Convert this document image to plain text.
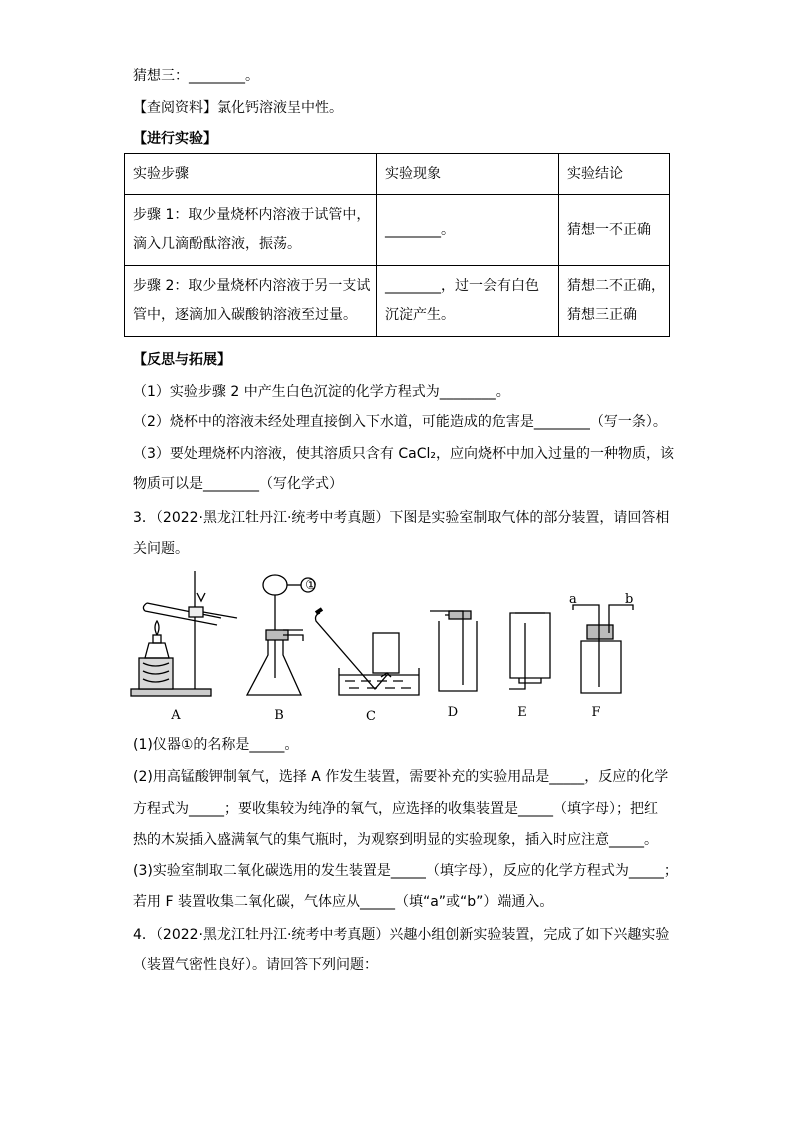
猜想三：________。
【查阅资料】氯化钙溶液呈中性。
【进行实验】
实验步骤	实验现象	实验结论

步骤 1：取少量烧杯内溶液于试管中，
滴入几滴酚酞溶液，振荡。	________。	猜想一不正确

步骤 2：取少量烧杯内溶液于另一支试
管中，逐滴加入碳酸钠溶液至过量。	________，过一会有白色
沉淀产生。	猜想二不正确，
猜想三正确
【反思与拓展】
（1）实验步骤 2 中产生白色沉淀的化学方程式为________。
（2）烧杯中的溶液未经处理直接倒入下水道，可能造成的危害是________（写一条）。
（3）要处理烧杯内溶液，使其溶质只含有 CaCl₂，应向烧杯中加入过量的一种物质，该
物质可以是________（写化学式）
3．（2022·黑龙江牡丹江·统考中考真题）下图是实验室制取气体的部分装置，请回答相
关问题。
①
a	b
A	B	C	D	E	F
(1)仪器①的名称是_____。
(2)用高锰酸钾制氧气，选择 A 作发生装置，需要补充的实验用品是_____，反应的化学
方程式为_____；要收集较为纯净的氧气，应选择的收集装置是_____（填字母）；把红
热的木炭插入盛满氧气的集气瓶时，为观察到明显的实验现象，插入时应注意_____。
(3)实验室制取二氧化碳选用的发生装置是_____（填字母），反应的化学方程式为_____；
若用 F 装置收集二氧化碳，气体应从_____（填“a”或“b”）端通入。
4．（2022·黑龙江牡丹江·统考中考真题）兴趣小组创新实验装置，完成了如下兴趣实验
（装置气密性良好）。请回答下列问题：
